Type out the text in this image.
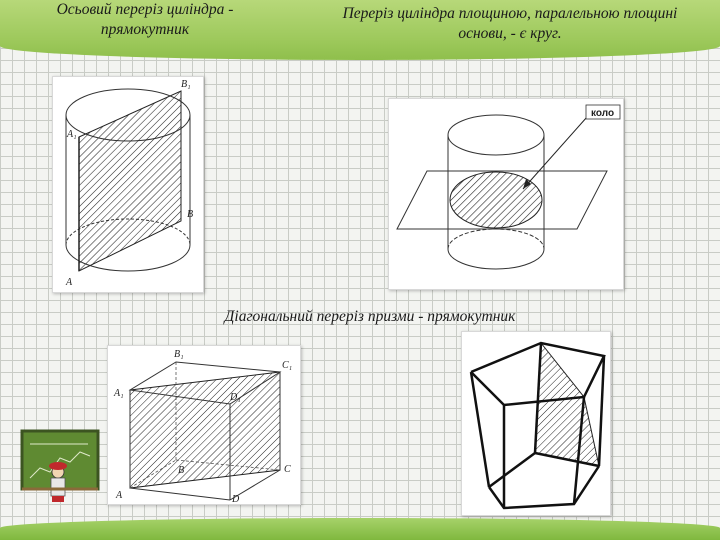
Осьовий переріз циліндра - прямокутник
Переріз циліндра площиною, паралельною площині основи, - є круг.
Діагональний переріз призми - прямокутник
A₁
B₁
A
B
коло
A₁
B₁
C₁
D₁
A
B	C
D
